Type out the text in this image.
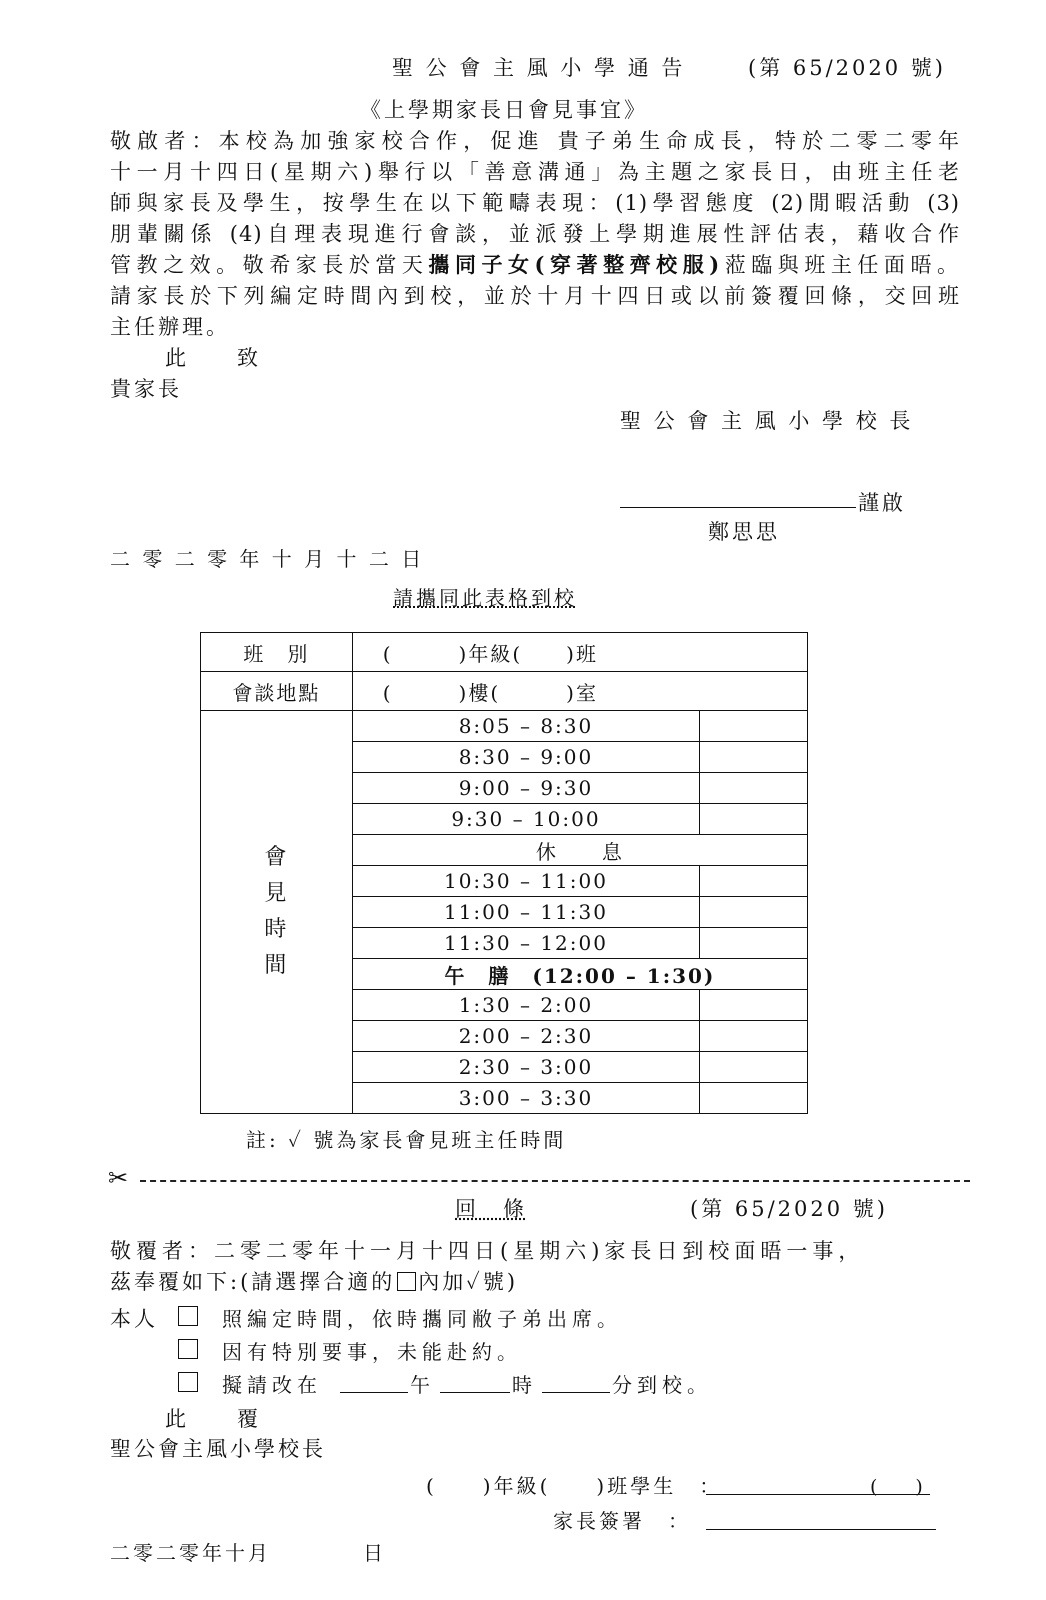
聖 公 會 主 風 小 學 通 告	(第 65/2020 號)
《上學期家長日會見事宜》
敬啟者：本校為加強家校合作，促進 貴子弟生命成長，特於二零二零年
十一月十四日(星期六)舉行以「善意溝通」為主題之家長日，由班主任老
師與家長及學生，按學生在以下範疇表現：(1)學習態度 (2)閒暇活動 (3)
朋輩關係 (4)自理表現進行會談，並派發上學期進展性評估表，藉收合作
管教之效。敬希家長於當天攜同子女(穿著整齊校服)蒞臨與班主任面晤。
請家長於下列編定時間內到校，並於十月十四日或以前簽覆回條，交回班
主任辦理。
此　　致
貴家長
聖 公 會 主 風 小 學 校 長
謹啟
鄭思思
二 零 二 零 年 十 月 十 二 日
請攜同此表格到校
班　別	(　　　)年級(　　)班	
會談地點	(　　　)樓(　　　)室	

會
見
時
間	8:05 – 8:30	
	8:30 – 9:00	
	9:00 – 9:30	
	9:30 – 10:00	
	休　　息	
	10:30 – 11:00	
	11:00 – 11:30	
	11:30 – 12:00	
	午　膳　(12:00 – 1:30)	
	1:30 – 2:00	
	2:00 – 2:30	
	2:30 – 3:00	
	3:00 – 3:30	
註: ✓ 號為家長會見班主任時間
✂
回　條	(第 65/2020 號)
敬覆者：二零二零年十一月十四日(星期六)家長日到校面晤一事，
茲奉覆如下:(請選擇合適的 內加✓號)
本人	照編定時間，依時攜同敝子弟出席。
因有特別要事，未能赴約。
擬請改在	午	時	分到校。
此　　覆
聖公會主風小學校長
(　　)年級(　　)班學生　：	(　　)
家長簽署　：
二零二零年十月　　　　日
